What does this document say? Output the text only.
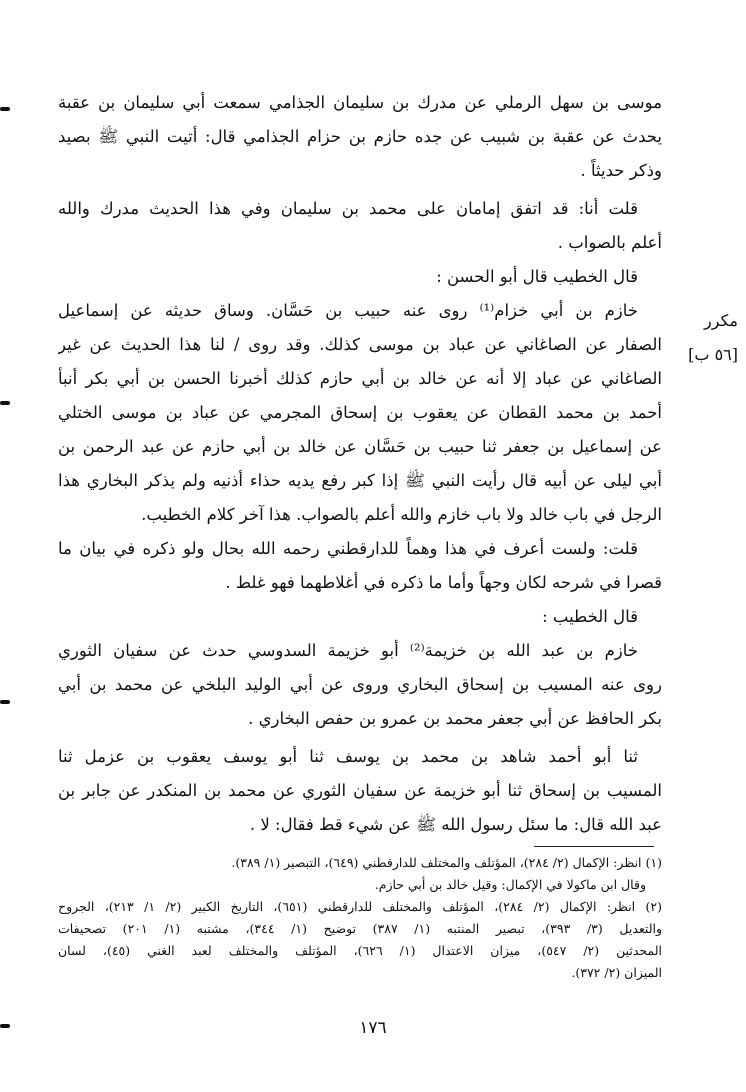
مكرر
[٥٦ ب]
موسى بن سهل الرملي عن مدرك بن سليمان الجذامي سمعت أبي سليمان بن عقبة
يحدث عن عقبة بن شبيب عن جده حازم بن حزام الجذامي قال: أتيت النبي ﷺ بصيد
وذكر حديثاً .
قلت أنا: قد اتفق إمامان على محمد بن سليمان وفي هذا الحديث مدرك والله
أعلم بالصواب .
قال الخطيب قال أبو الحسن :
خازم بن أبي خزام⁽¹⁾ روى عنه حبيب بن حَسَّان. وساق حديثه عن إسماعيل
الصفار عن الصاغاني عن عباد بن موسى كذلك. وقد روى / لنا هذا الحديث عن غير
الصاغاني عن عباد إلا أنه عن خالد بن أبي حازم كذلك أخبرنا الحسن بن أبي بكر أنبأ
أحمد بن محمد القطان عن يعقوب بن إسحاق المجرمي عن عباد بن موسى الختلي
عن إسماعيل بن جعفر ثنا حبيب بن حَسَّان عن خالد بن أبي حازم عن عبد الرحمن بن
أبي ليلى عن أبيه قال رأيت النبي ﷺ إذا كبر رفع يديه حذاء أذنيه ولم يذكر البخاري هذا
الرجل في باب خالد ولا باب خازم والله أعلم بالصواب. هذا آخر كلام الخطيب.
قلت: ولست أعرف في هذا وهماً للدارقطني رحمه الله بحال ولو ذكره في بيان ما
قصرا في شرحه لكان وجهاً وأما ما ذكره في أغلاطهما فهو غلط .
قال الخطيب :
خازم بن عبد الله بن خزيمة⁽²⁾ أبو خزيمة السدوسي حدث عن سفيان الثوري
روى عنه المسيب بن إسحاق البخاري وروى عن أبي الوليد البلخي عن محمد بن أبي
بكر الحافظ عن أبي جعفر محمد بن عمرو بن حفص البخاري .
ثنا أبو أحمد شاهد بن محمد بن يوسف ثنا أبو يوسف يعقوب بن عزمل ثنا
المسيب بن إسحاق ثنا أبو خزيمة عن سفيان الثوري عن محمد بن المنكدر عن جابر بن
عبد الله قال: ما سئل رسول الله ﷺ عن شيء قط فقال: لا .
(١) انظر: الإكمال (٢/ ٢٨٤)، المؤتلف والمختلف للدارقطني (٦٤٩)، التبصير (١/ ٣٨٩).
وقال ابن ماكولا في الإكمال: وقيل خالد بن أبي حازم.
(٢) انظر: الإكمال (٢/ ٢٨٤)، المؤتلف والمختلف للدارقطني (٦٥١)، التاريخ الكبير (٢/ ١/ ٢١٣)، الجروح
والتعديل (٣/ ٣٩٣)، تبصير المنتبه (١/ ٣٨٧) توضيح (١/ ٣٤٤)، مشتبه (١/ ٢٠١) تصحيفات
المحدثين (٢/ ٥٤٧)، ميزان الاعتدال (١/ ٦٢٦)، المؤتلف والمختلف لعبد الغني (٤٥)، لسان
الميزان (٢/ ٣٧٢).
١٧٦
